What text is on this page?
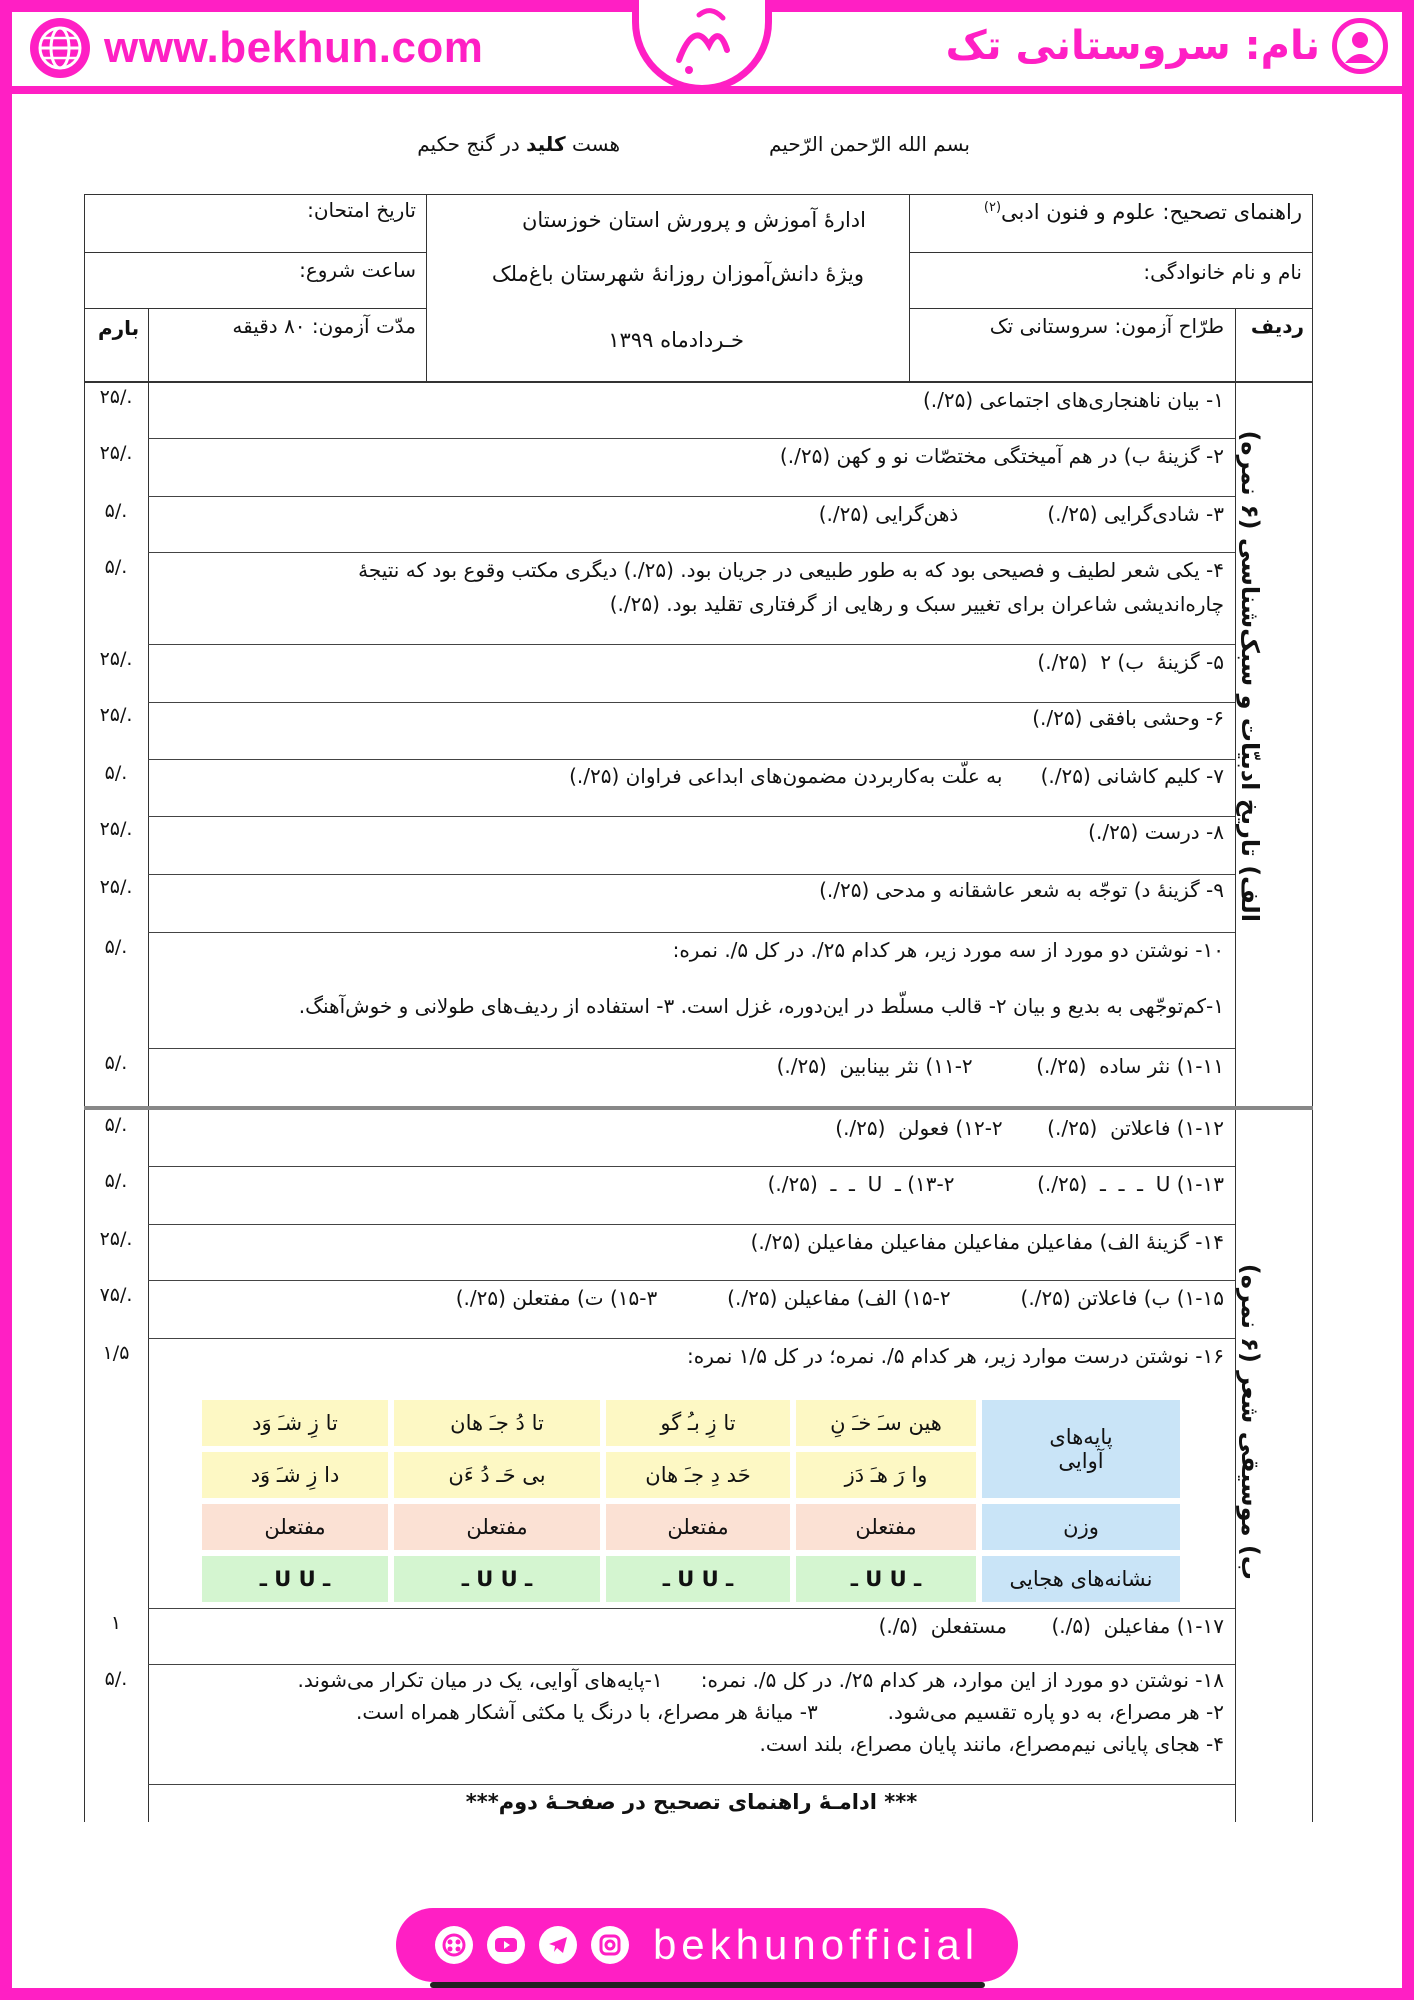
www.bekhun.com	نام: سروستانی تک
بسم الله الرّحمن الرّحیم
هست کلید در گنج حکیم
راهنمای تصحیح: علوم و فنون ادبی$^{(۲)}$
نام و نام خانوادگی:
ردیف
طرّاح آزمون: سروستانی تک
ادارهٔ آموزش و پرورش استان خوزستان
ویژهٔ دانش‌آموزان روزانهٔ شهرستان باغ‌ملک
خـردادماه ۱۳۹۹
تاریخ امتحان:
ساعت شروع:
مدّت آزمون: ۸۰ دقیقه
بارم
الف) تاریخ ادبیّات و سبک‌شناسی (۶ نمره)
ب) موسیقی شعر (۶ نمره)
۱- بیان ناهنجاری‌های اجتماعی (۲۵/.)
۲۵/.
۲- گزینهٔ ب) در هم آمیختگی مختصّات نو و کهن (۲۵/.)
۲۵/.
۳- شادی‌گرایی (۲۵/.)              ذهن‌گرایی (۲۵/.)
۵/.
۴- یکی شعر لطیف و فصیحی بود که به طور طبیعی در جریان بود. (۲۵/.) دیگری مکتب وقوع بود که نتیجهٔ
چاره‌اندیشی شاعران برای تغییر سبک و رهایی از گرفتاری تقلید بود. (۲۵/.)
۵/.
۵- گزینهٔ  ب) ۲  (۲۵/.)
۲۵/.
۶- وحشی بافقی (۲۵/.)
۲۵/.
۷- کلیم کاشانی (۲۵/.)      به علّت به‌کاربردن مضمون‌های ابداعی فراوان (۲۵/.)
۵/.
۸- درست (۲۵/.)
۲۵/.
۹- گزینهٔ د) توجّه به شعر عاشقانه و مدحی (۲۵/.)
۲۵/.
۱۰- نوشتن دو مورد از سه مورد زیر، هر کدام ۲۵/. در کل ۵/. نمره:
۱-کم‌توجّهی به بدیع و بیان ۲- قالب مسلّط در این‌دوره، غزل است. ۳- استفاده از ردیف‌های طولانی و خوش‌آهنگ.
۵/.
۱-۱۱) نثر ساده  (۲۵/.)          ۲-۱۱) نثر بینابین  (۲۵/.)
۵/.
۱-۱۲) فاعلاتن  (۲۵/.)       ۲-۱۲) فعولن  (۲۵/.)
۵/.
۱-۱۳) U  ـ  ـ  ـ  (۲۵/.)             ۲-۱۳) ـ  U  ـ  ـ  (۲۵/.)
۵/.
۱۴- گزینهٔ الف) مفاعیلن مفاعیلن مفاعیلن مفاعیلن (۲۵/.)
۲۵/.
۱-۱۵) ب) فاعلاتن (۲۵/.)           ۲-۱۵) الف) مفاعیلن (۲۵/.)           ۳-۱۵) ت) مفتعلن (۲۵/.)
۷۵/.
۱۶- نوشتن درست موارد زیر، هر کدام ۵/. نمره؛ در کل ۱/۵ نمره:
۱/۵
پایه‌های
آوایی
وزن
نشانه‌های هجایی
هین سـَ خـَ نِ
وا رَ هـَ دَز
مفتعلن
ـ U U ـ
تا زِ بـُ گو
حَد دِ جـَ هان
مفتعلن
ـ U U ـ
تا دُ جـَ هان
بی حَـ دُ ءَن
مفتعلن
ـ U U ـ
تا زِ شـَ وَد
دا زِ شـَ وَد
مفتعلن
ـ U U ـ
۱-۱۷) مفاعیلن  (۵/.)       مستفعلن  (۵/.)
۱
۱۸- نوشتن دو مورد از این موارد، هر کدام ۲۵/. در کل ۵/. نمره:      ۱-پایه‌های آوایی، یک در میان تکرار می‌شوند.
۲- هر مصراع، به دو پاره تقسیم می‌شود.           ۳- میانهٔ هر مصراع، با درنگ یا مکثی آشکار همراه است.
۴- هجای پایانی نیم‌مصراع، مانند پایان مصراع، بلند است.
۵/.
*** ادامـهٔ راهنمای تصحیح در صفحـهٔ دوم***
bekhunofficial
